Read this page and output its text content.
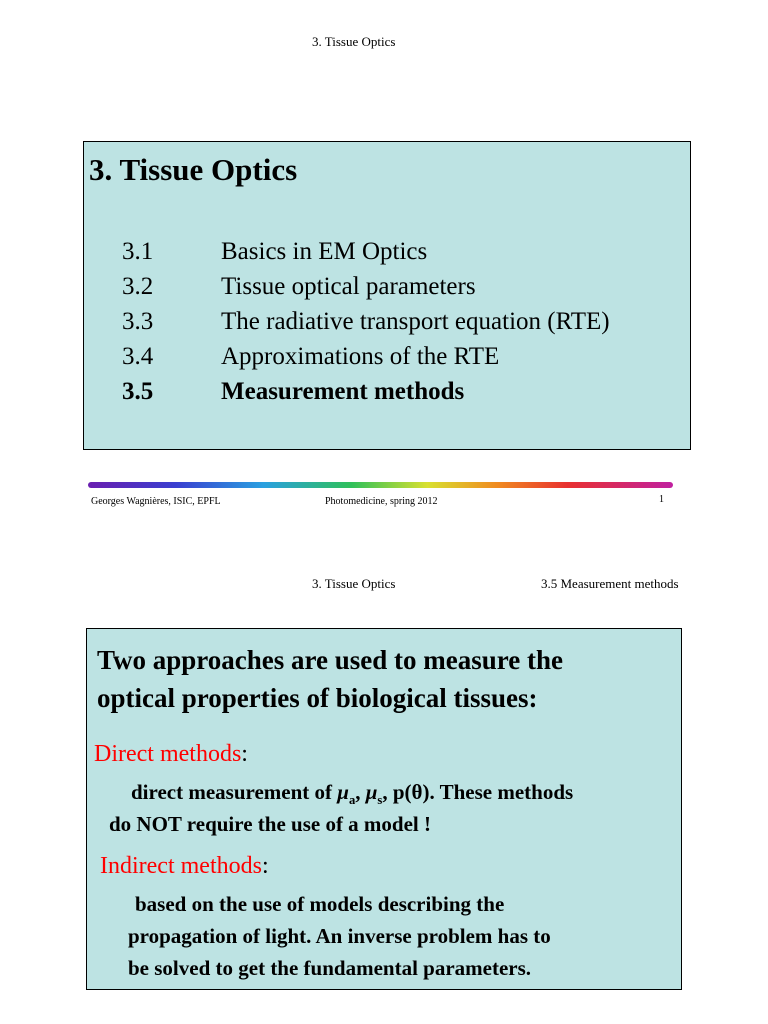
3. Tissue Optics
3. Tissue Optics
3.1	Basics in EM Optics
3.2	Tissue optical parameters
3.3	The radiative transport equation (RTE)
3.4	Approximations of the RTE
3.5	Measurement methods
Georges Wagnières, ISIC, EPFL	Photomedicine, spring 2012	1
3. Tissue Optics	3.5 Measurement methods
Two approaches are used to measure the
optical properties of biological tissues:
Direct methods:
direct measurement of $\mu_a$, $\mu_s$, p(θ). These methods
do NOT require the use of a model !
Indirect methods:
based on the use of models describing the
propagation of light. An inverse problem has to
be solved to get the fundamental parameters.
